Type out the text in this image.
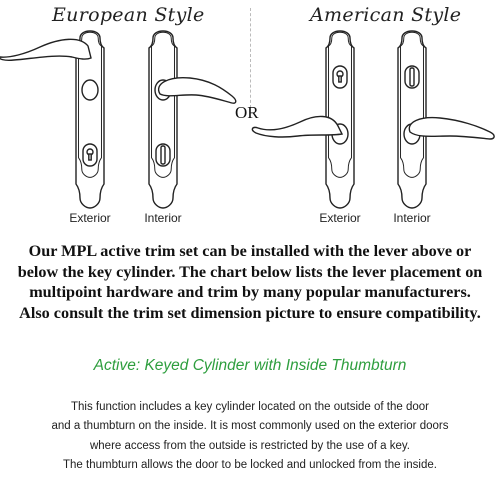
European Style	American Style
OR
Exterior	Interior	Exterior	Interior
Our MPL active trim set can be installed with the lever above or
below the key cylinder. The chart below lists the lever placement on
multipoint hardware and trim by many popular manufacturers.
Also consult the trim set dimension picture to ensure compatibility.
Active: Keyed Cylinder with Inside Thumbturn
This function includes a key cylinder located on the outside of the door
and a thumbturn on the inside. It is most commonly used on the exterior doors
where access from the outside is restricted by the use of a key.
The thumbturn allows the door to be locked and unlocked from the inside.
